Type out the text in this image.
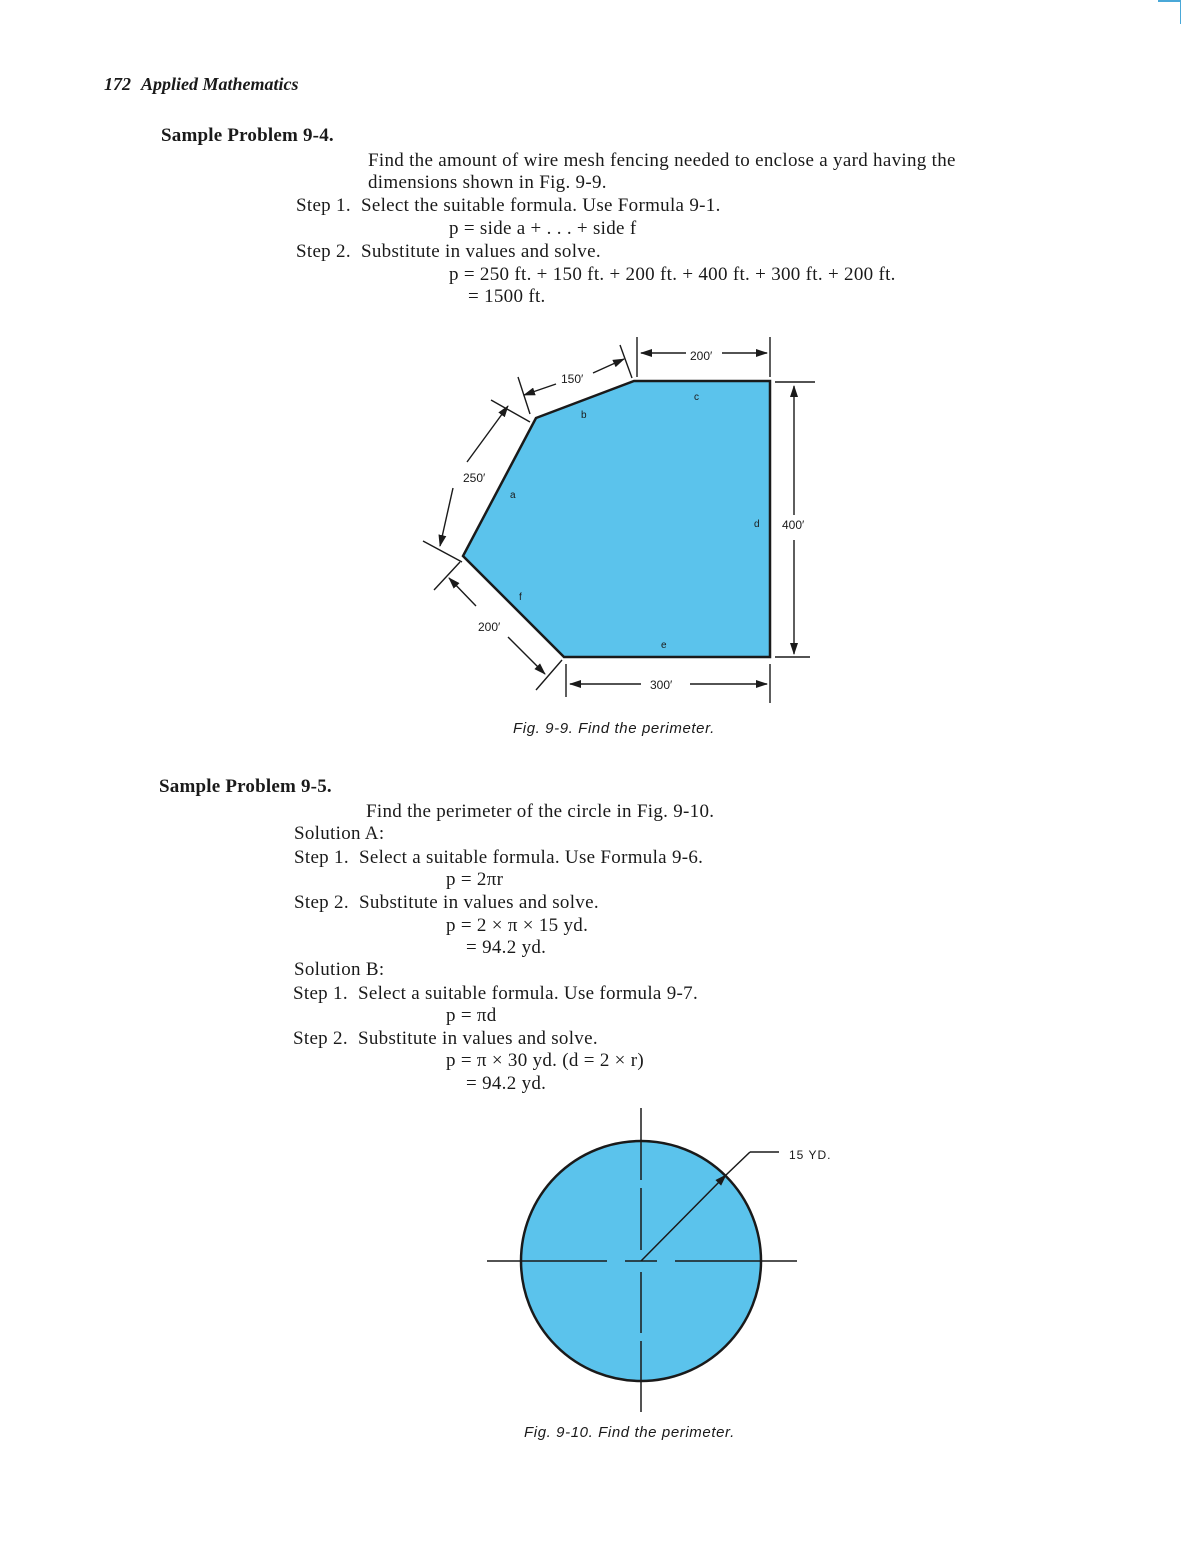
172 Applied Mathematics
Sample Problem 9-4.
Find the amount of wire mesh fencing needed to enclose a yard having the
dimensions shown in Fig. 9-9.
Step 1.  Select the suitable formula. Use Formula 9-1.
p = side a + . . . + side f
Step 2.  Substitute in values and solve.
p = 250 ft. + 150 ft. + 200 ft. + 400 ft. + 300 ft. + 200 ft.
= 1500 ft.
250′
150′
200′
400′
300′
200′
a
b
c
d
e
f
Fig. 9-9. Find the perimeter.
Sample Problem 9-5.
Find the perimeter of the circle in Fig. 9-10.
Solution A:
Step 1.  Select a suitable formula. Use Formula 9-6.
p = 2πr
Step 2.  Substitute in values and solve.
p = 2 × π × 15 yd.
= 94.2 yd.
Solution B:
Step 1.  Select a suitable formula. Use formula 9-7.
p = πd
Step 2.  Substitute in values and solve.
p = π × 30 yd. (d = 2 × r)
= 94.2 yd.
15 YD.
Fig. 9-10. Find the perimeter.
